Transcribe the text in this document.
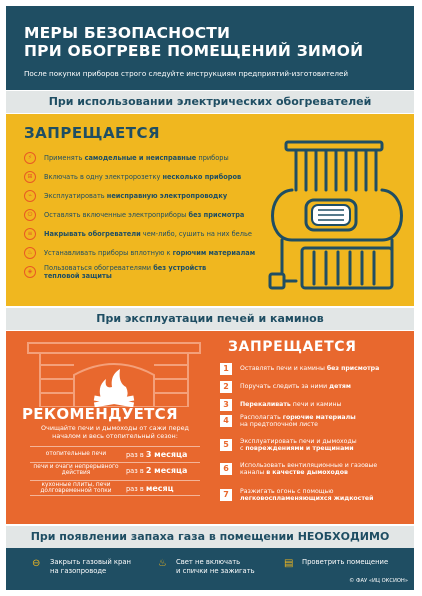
МЕРЫ БЕЗОПАСНОСТИ
ПРИ ОБОГРЕВЕ ПОМЕЩЕНИЙ ЗИМОЙ
После покупки приборов строго следуйте инструкциям предприятий-изготовителей
При использовании электрических обогревателей
ЗАПРЕЩАЕТСЯ
⚡	Применять самодельные и неисправные приборы
⊞	Включать в одну электророзетку несколько приборов
⌁	Эксплуатировать неисправную электропроводку
⏻	Оставлять включенные электроприборы без присмотра
≡	Накрывать обогреватели чем-либо, сушить на них белье
♨	Устанавливать приборы вплотную к горючим материалам
◈	Пользоваться обогревателями без устройств
тепловой защиты
При эксплуатации печей и каминов
РЕКОМЕНДУЕТСЯ
Очищайте печи и дымоходы от сажи перед началом и весь отопительный сезон:
отопительные печи	раз в 3 месяца
печи и очаги непрерывного действия	раз в 2 месяца
кухонные плиты, печи долговременной топки	раз в месяц
ЗАПРЕЩАЕТСЯ
1	Оставлять печи и камины без присмотра
2	Поручать следить за ними детям
3	Перекаливать печи и камины
4	Располагать горючие материалы
на предтопочном листе
5	Эксплуатировать печи и дымоходы
с повреждениями и трещинами
6	Использовать вентиляционные и газовые
каналы в качестве дымоходов
7	Разжигать огонь с помощью
легковоспламеняющихся жидкостей
При появлении запаха газа в помещении НЕОБХОДИМО
⊖	Закрыть газовый кран
на газопроводе
♨	Свет не включать
и спички не зажигать
▤	Проветрить помещение
© ФАУ «ИЦ ОКСИОН»
